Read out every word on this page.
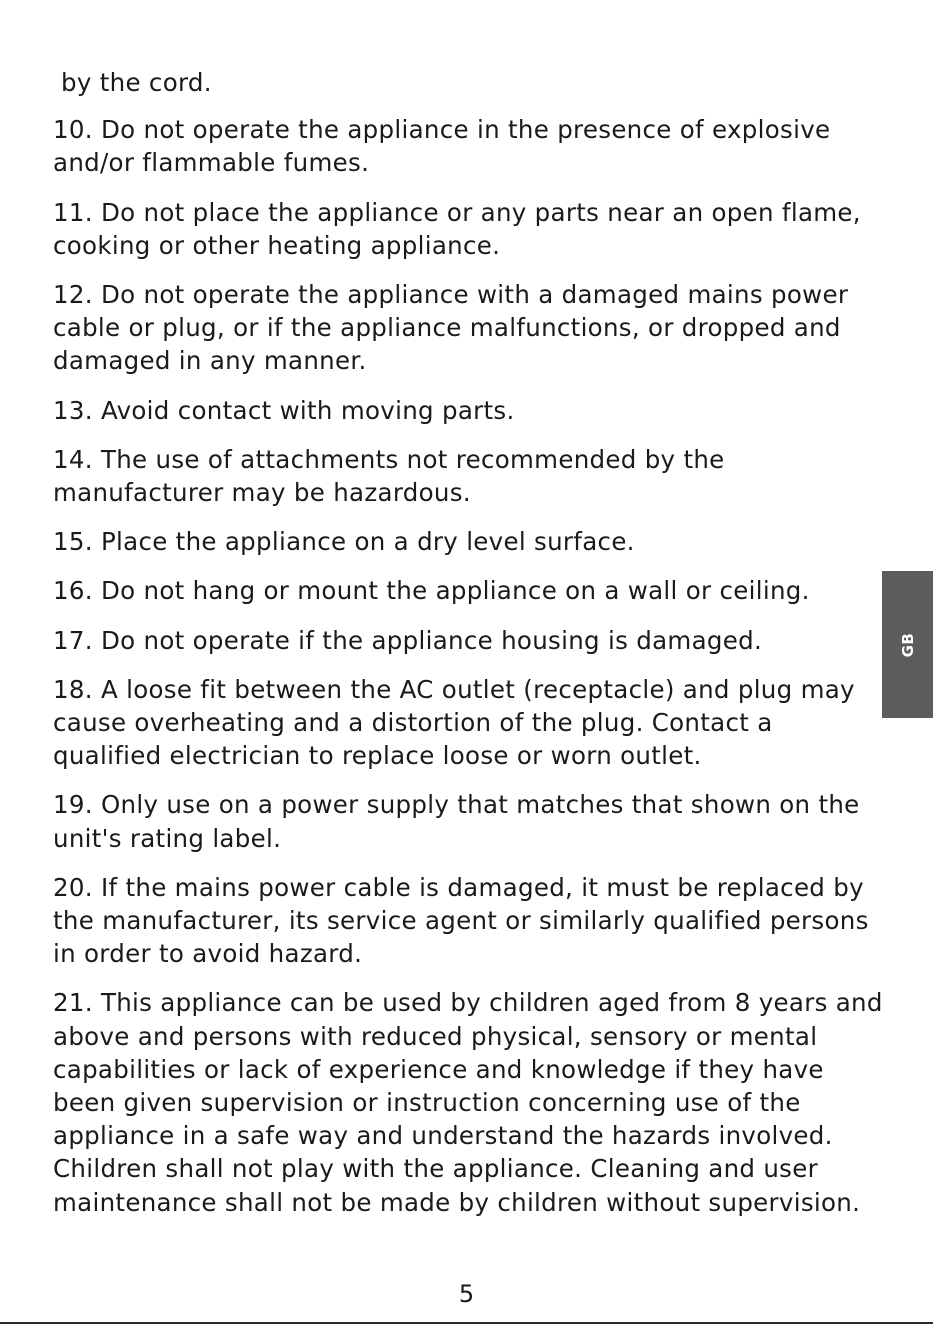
by the cord.
10. Do not operate the appliance in the presence of explosive and/or flammable fumes.
11. Do not place the appliance or any parts near an open flame, cooking or other heating appliance.
12. Do not operate the appliance with a damaged mains power cable or plug, or if the appliance malfunctions, or dropped and damaged in any manner.
13. Avoid contact with moving parts.
14. The use of attachments not recommended by the manufacturer may be hazardous.
15. Place the appliance on a dry level surface.
16. Do not hang or mount the appliance on a wall or ceiling.
17. Do not operate if the appliance housing is damaged.
18. A loose fit between the AC outlet (receptacle) and plug may cause overheating and a distortion of the plug. Contact a qualified electrician to replace loose or worn outlet.
19. Only use on a power supply that matches that shown on the unit's rating label.
20. If the mains power cable is damaged, it must be replaced by the manufacturer, its service agent or similarly qualified persons in order to avoid hazard.
21. This appliance can be used by children aged from 8 years and above and persons with reduced physical, sensory or mental capabilities or lack of experience and knowledge if they have been given supervision or instruction concerning use of the appliance in a safe way and understand the hazards involved. Children shall not play with the appliance. Cleaning and user maintenance shall not be made by children without supervision.
GB
5
